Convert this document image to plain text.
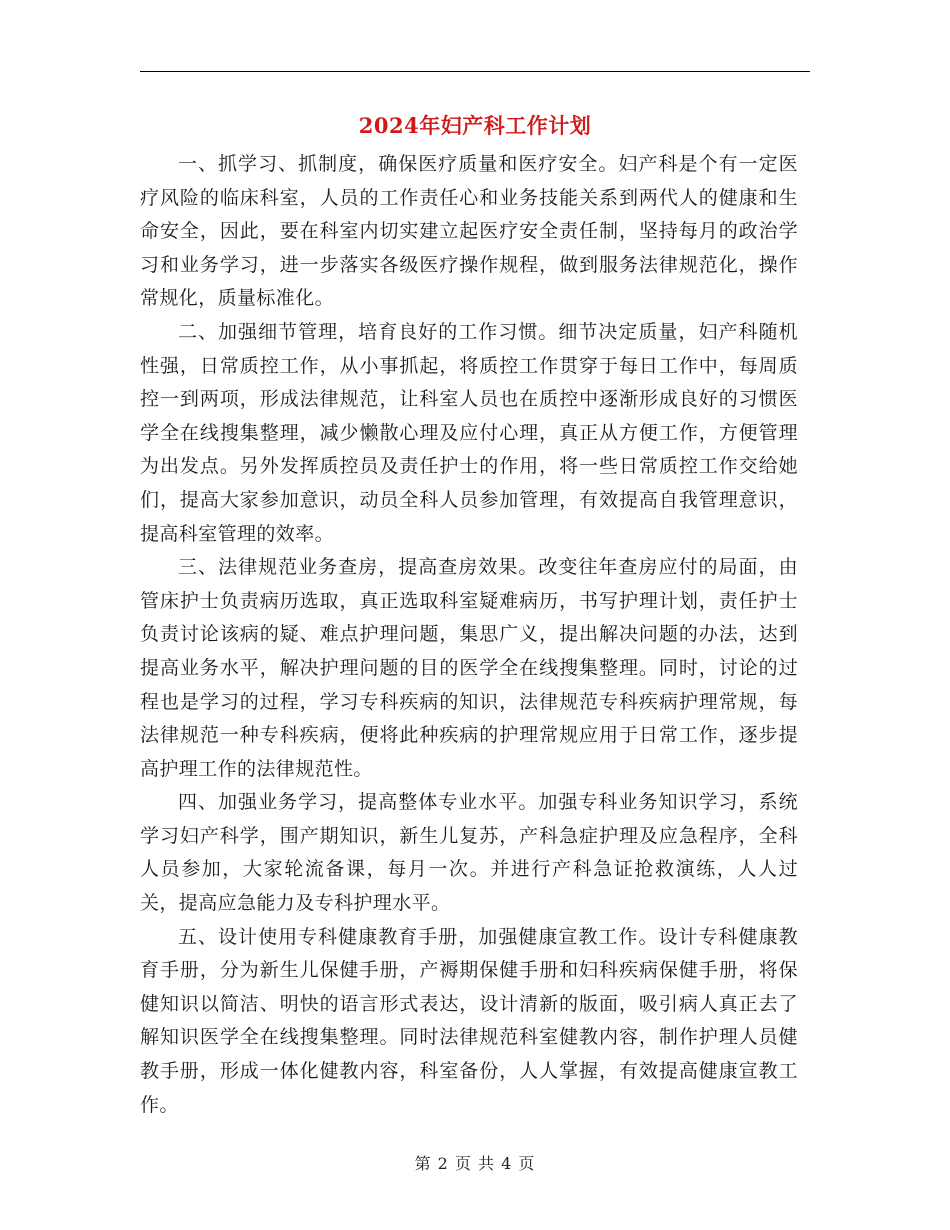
2024年妇产科工作计划

一、抓学习、抓制度，确保医疗质量和医疗安全。妇产科是个有一定医疗风险的临床科室，人员的工作责任心和业务技能关系到两代人的健康和生命安全，因此，要在科室内切实建立起医疗安全责任制，坚持每月的政治学习和业务学习，进一步落实各级医疗操作规程，做到服务法律规范化，操作常规化，质量标准化。

二、加强细节管理，培育良好的工作习惯。细节决定质量，妇产科随机性强，日常质控工作，从小事抓起，将质控工作贯穿于每日工作中，每周质控一到两项，形成法律规范，让科室人员也在质控中逐渐形成良好的习惯医学全在线搜集整理，减少懒散心理及应付心理，真正从方便工作，方便管理为出发点。另外发挥质控员及责任护士的作用，将一些日常质控工作交给她们，提高大家参加意识，动员全科人员参加管理，有效提高自我管理意识，提高科室管理的效率。

三、法律规范业务查房，提高查房效果。改变往年查房应付的局面，由管床护士负责病历选取，真正选取科室疑难病历，书写护理计划，责任护士负责讨论该病的疑、难点护理问题，集思广义，提出解决问题的办法，达到提高业务水平，解决护理问题的目的医学全在线搜集整理。同时，讨论的过程也是学习的过程，学习专科疾病的知识，法律规范专科疾病护理常规，每法律规范一种专科疾病，便将此种疾病的护理常规应用于日常工作，逐步提高护理工作的法律规范性。

四、加强业务学习，提高整体专业水平。加强专科业务知识学习，系统学习妇产科学，围产期知识，新生儿复苏，产科急症护理及应急程序，全科人员参加，大家轮流备课，每月一次。并进行产科急证抢救演练，人人过关，提高应急能力及专科护理水平。

五、设计使用专科健康教育手册，加强健康宣教工作。设计专科健康教育手册，分为新生儿保健手册，产褥期保健手册和妇科疾病保健手册，将保健知识以简洁、明快的语言形式表达，设计清新的版面，吸引病人真正去了解知识医学全在线搜集整理。同时法律规范科室健教内容，制作护理人员健教手册，形成一体化健教内容，科室备份，人人掌握，有效提高健康宣教工作。

第 2 页 共 4 页
